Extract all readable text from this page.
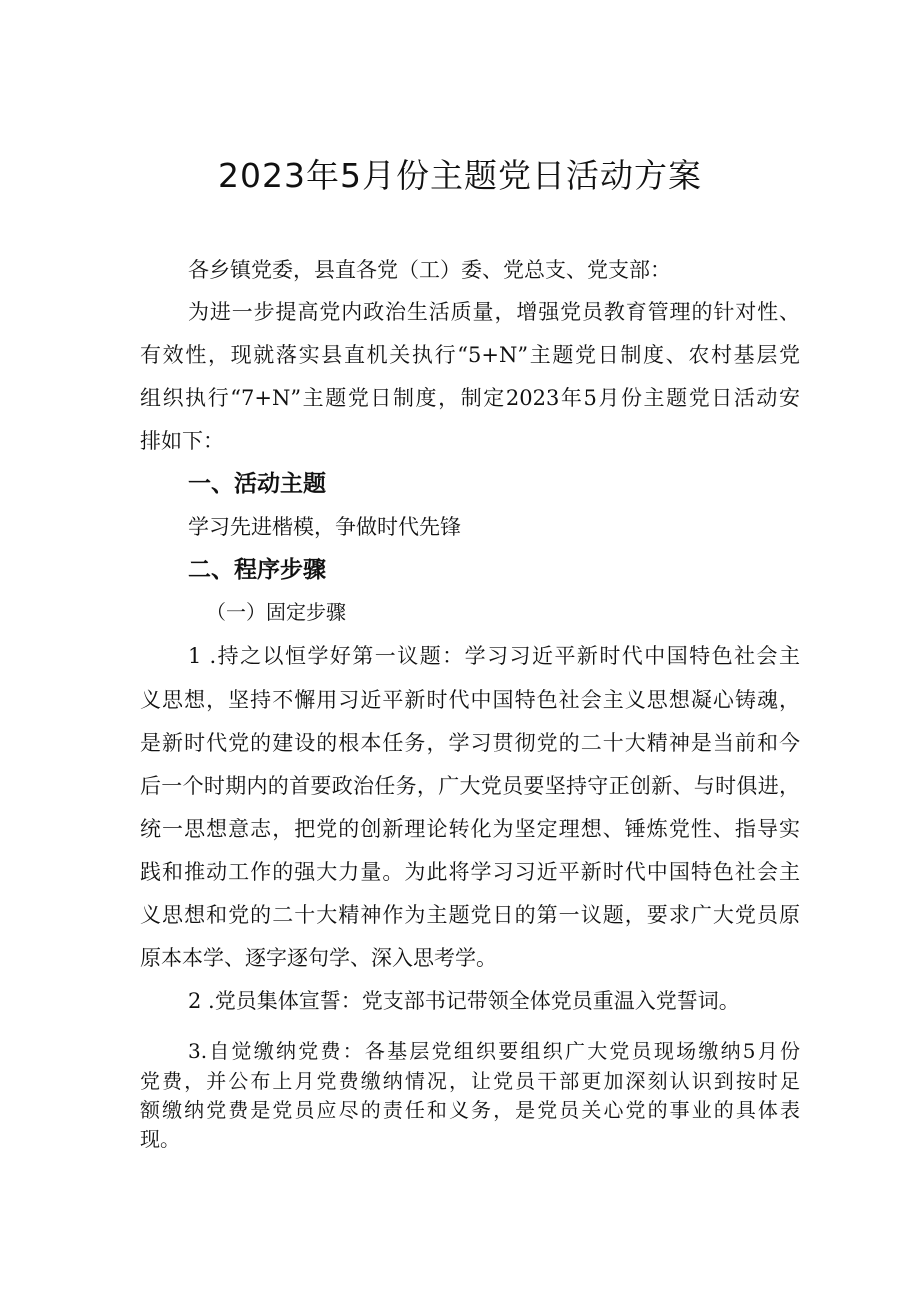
2023年5月份主题党日活动方案
各乡镇党委，县直各党（工）委、党总支、党支部：
为进一步提高党内政治生活质量，增强党员教育管理的针对性、
有效性，现就落实县直机关执行“5+N”主题党日制度、农村基层党
组织执行“7+N”主题党日制度，制定2023年5月份主题党日活动安
排如下：
一、活动主题
学习先进楷模，争做时代先锋
二、程序步骤
（一）固定步骤
1 .持之以恒学好第一议题：学习习近平新时代中国特色社会主
义思想，坚持不懈用习近平新时代中国特色社会主义思想凝心铸魂，
是新时代党的建设的根本任务，学习贯彻党的二十大精神是当前和今
后一个时期内的首要政治任务，广大党员要坚持守正创新、与时俱进，
统一思想意志，把党的创新理论转化为坚定理想、锤炼党性、指导实
践和推动工作的强大力量。为此将学习习近平新时代中国特色社会主
义思想和党的二十大精神作为主题党日的第一议题，要求广大党员原
原本本学、逐字逐句学、深入思考学。
2 .党员集体宣誓：党支部书记带领全体党员重温入党誓词。
3.自觉缴纳党费：各基层党组织要组织广大党员现场缴纳5月份
党费，并公布上月党费缴纳情况，让党员干部更加深刻认识到按时足
额缴纳党费是党员应尽的责任和义务，是党员关心党的事业的具体表
现。
